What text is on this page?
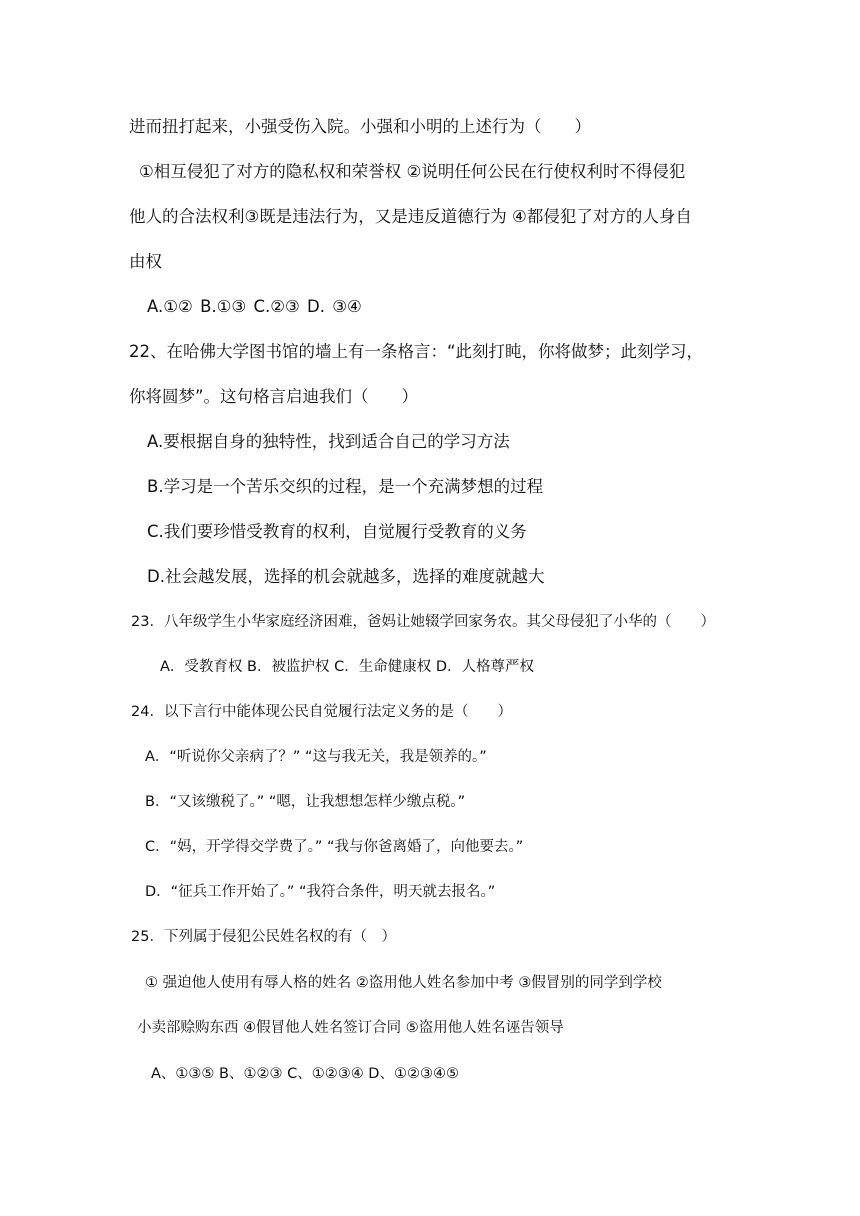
进而扭打起来，小强受伤入院。小强和小明的上述行为（　　）
①相互侵犯了对方的隐私权和荣誉权 ②说明任何公民在行使权利时不得侵犯
他人的合法权利③既是违法行为，又是违反道德行为 ④都侵犯了对方的人身自
由权
A.①② B.①③ C.②③ D. ③④
22、在哈佛大学图书馆的墙上有一条格言：“此刻打盹，你将做梦；此刻学习，
你将圆梦”。这句格言启迪我们（　　）
A.要根据自身的独特性，找到适合自己的学习方法
B.学习是一个苦乐交织的过程，是一个充满梦想的过程
C.我们要珍惜受教育的权利，自觉履行受教育的义务
D.社会越发展，选择的机会就越多，选择的难度就越大
23．八年级学生小华家庭经济困难，爸妈让她辍学回家务农。其父母侵犯了小华的（　　）
A．受教育权 B．被监护权 C．生命健康权 D．人格尊严权
24．以下言行中能体现公民自觉履行法定义务的是（　　）
A．“听说你父亲病了？” “这与我无关，我是领养的。”
B．“又该缴税了。” “嗯，让我想想怎样少缴点税。”
C．“妈，开学得交学费了。” “我与你爸离婚了，向他要去。”
D．“征兵工作开始了。” “我符合条件，明天就去报名。”
25．下列属于侵犯公民姓名权的有（　）
① 强迫他人使用有辱人格的姓名 ②盗用他人姓名参加中考 ③假冒别的同学到学校
小卖部赊购东西 ④假冒他人姓名签订合同 ⑤盗用他人姓名诬告领导
A、①③⑤ B、①②③ C、①②③④ D、①②③④⑤
